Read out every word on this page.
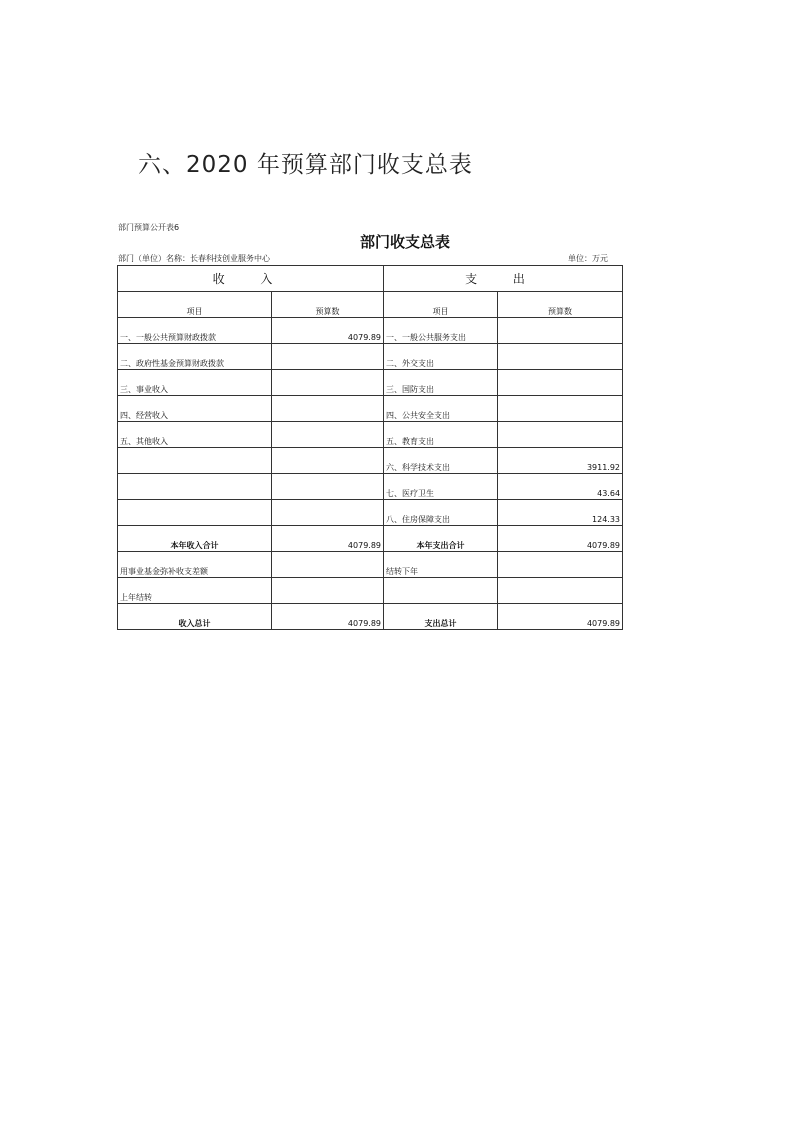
六、2020 年预算部门收支总表
部门预算公开表6
部门收支总表
部门（单位）名称：长春科技创业服务中心	单位：万元
收 入		支 出	
项目	预算数	项目	预算数
一、一般公共预算财政拨款	4079.89	一、一般公共服务支出	
二、政府性基金预算财政拨款		二、外交支出	
三、事业收入		三、国防支出	
四、经营收入		四、公共安全支出	
五、其他收入		五、教育支出	
		六、科学技术支出	3911.92
		七、医疗卫生	43.64
		八、住房保障支出	124.33
本年收入合计	4079.89	本年支出合计	4079.89
用事业基金弥补收支差额		结转下年	
上年结转			
收入总计	4079.89	支出总计	4079.89
